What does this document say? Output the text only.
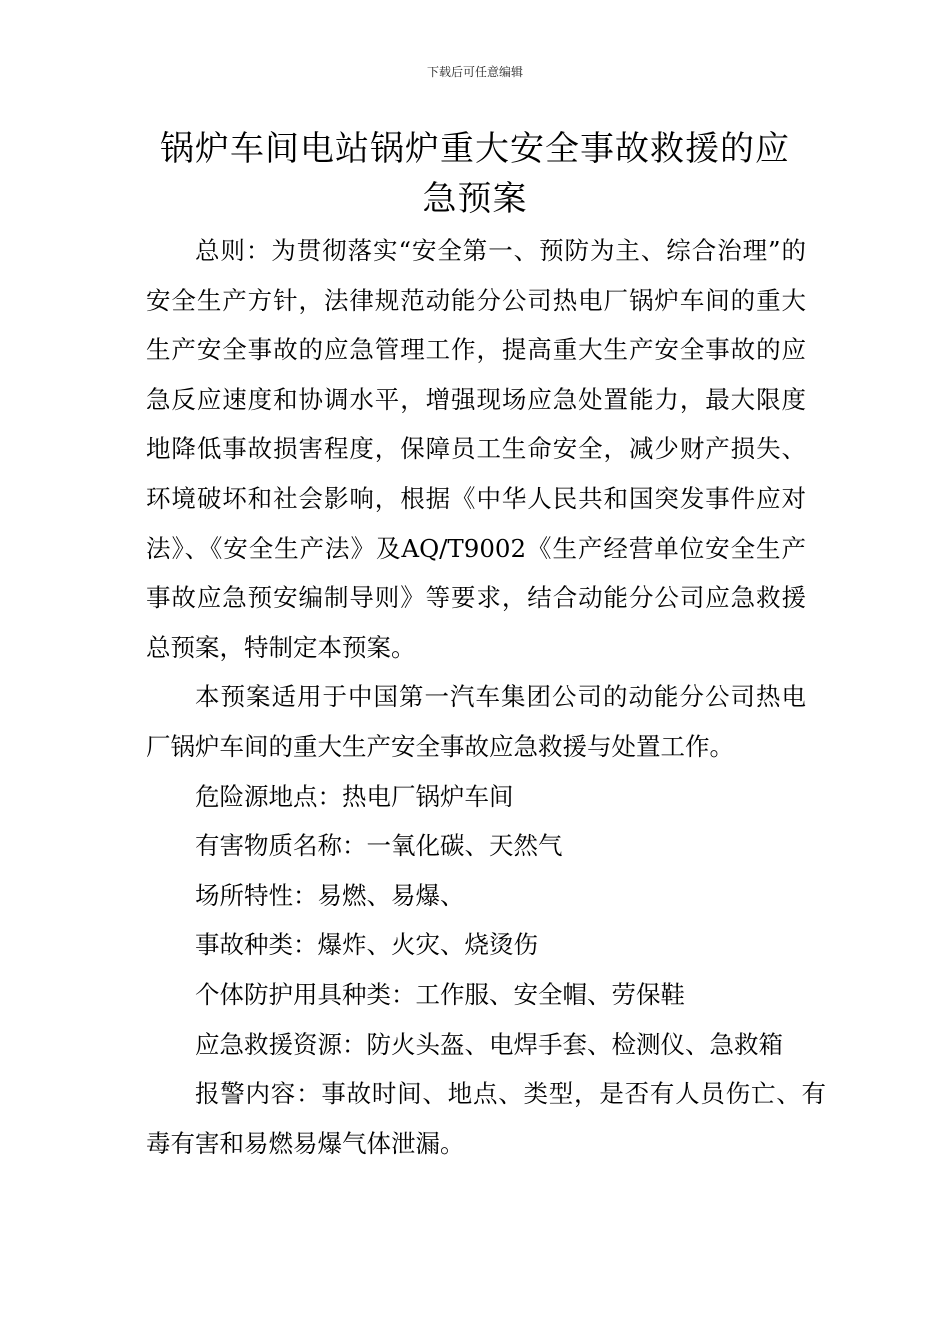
下载后可任意编辑
锅炉车间电站锅炉重大安全事故救援的应
急预案

总则：为贯彻落实“安全第一、预防为主、综合治理”的安全生产方针，法律规范动能分公司热电厂锅炉车间的重大生产安全事故的应急管理工作，提高重大生产安全事故的应急反应速度和协调水平，增强现场应急处置能力，最大限度地降低事故损害程度，保障员工生命安全，减少财产损失、环境破坏和社会影响，根据《中华人民共和国突发事件应对法》、《安全生产法》及AQ/T9002《生产经营单位安全生产事故应急预安编制导则》等要求，结合动能分公司应急救援总预案，特制定本预案。

本预案适用于中国第一汽车集团公司的动能分公司热电厂锅炉车间的重大生产安全事故应急救援与处置工作。

危险源地点：热电厂锅炉车间

有害物质名称：一氧化碳、天然气

场所特性：易燃、易爆、

事故种类：爆炸、火灾、烧烫伤

个体防护用具种类：工作服、安全帽、劳保鞋

应急救援资源：防火头盔、电焊手套、检测仪、急救箱

报警内容：事故时间、地点、类型，是否有人员伤亡、有毒有害和易燃易爆气体泄漏。
